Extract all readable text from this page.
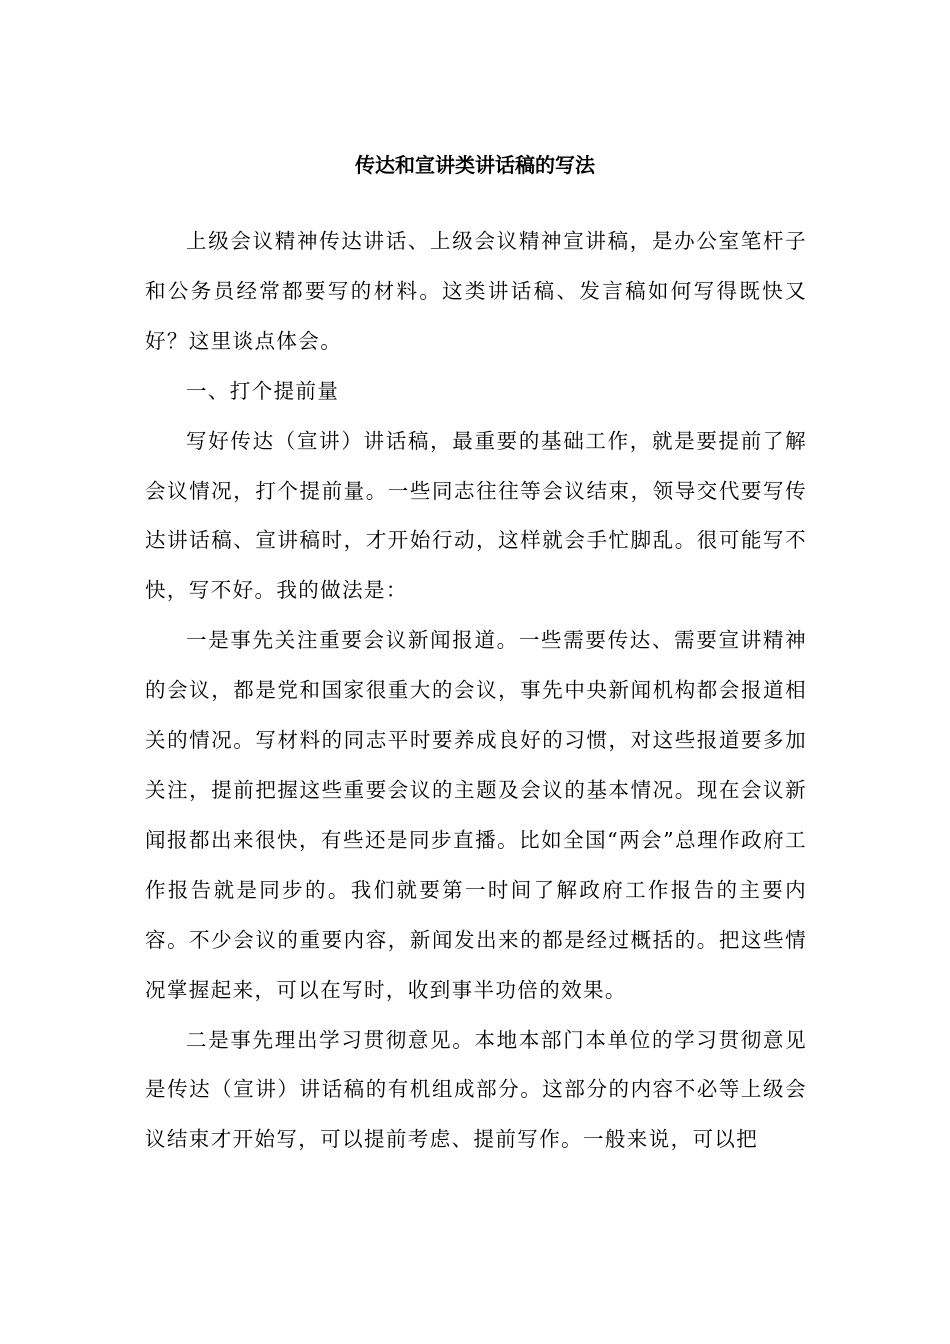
传达和宣讲类讲话稿的写法

上级会议精神传达讲话、上级会议精神宣讲稿，是办公室笔杆子和公务员经常都要写的材料。这类讲话稿、发言稿如何写得既快又好？这里谈点体会。

一、打个提前量

写好传达（宣讲）讲话稿，最重要的基础工作，就是要提前了解会议情况，打个提前量。一些同志往往等会议结束，领导交代要写传达讲话稿、宣讲稿时，才开始行动，这样就会手忙脚乱。很可能写不快，写不好。我的做法是：

一是事先关注重要会议新闻报道。一些需要传达、需要宣讲精神的会议，都是党和国家很重大的会议，事先中央新闻机构都会报道相关的情况。写材料的同志平时要养成良好的习惯，对这些报道要多加关注，提前把握这些重要会议的主题及会议的基本情况。现在会议新闻报都出来很快，有些还是同步直播。比如全国“两会”总理作政府工作报告就是同步的。我们就要第一时间了解政府工作报告的主要内容。不少会议的重要内容，新闻发出来的都是经过概括的。把这些情况掌握起来，可以在写时，收到事半功倍的效果。

二是事先理出学习贯彻意见。本地本部门本单位的学习贯彻意见是传达（宣讲）讲话稿的有机组成部分。这部分的内容不必等上级会议结束才开始写，可以提前考虑、提前写作。一般来说，可以把
